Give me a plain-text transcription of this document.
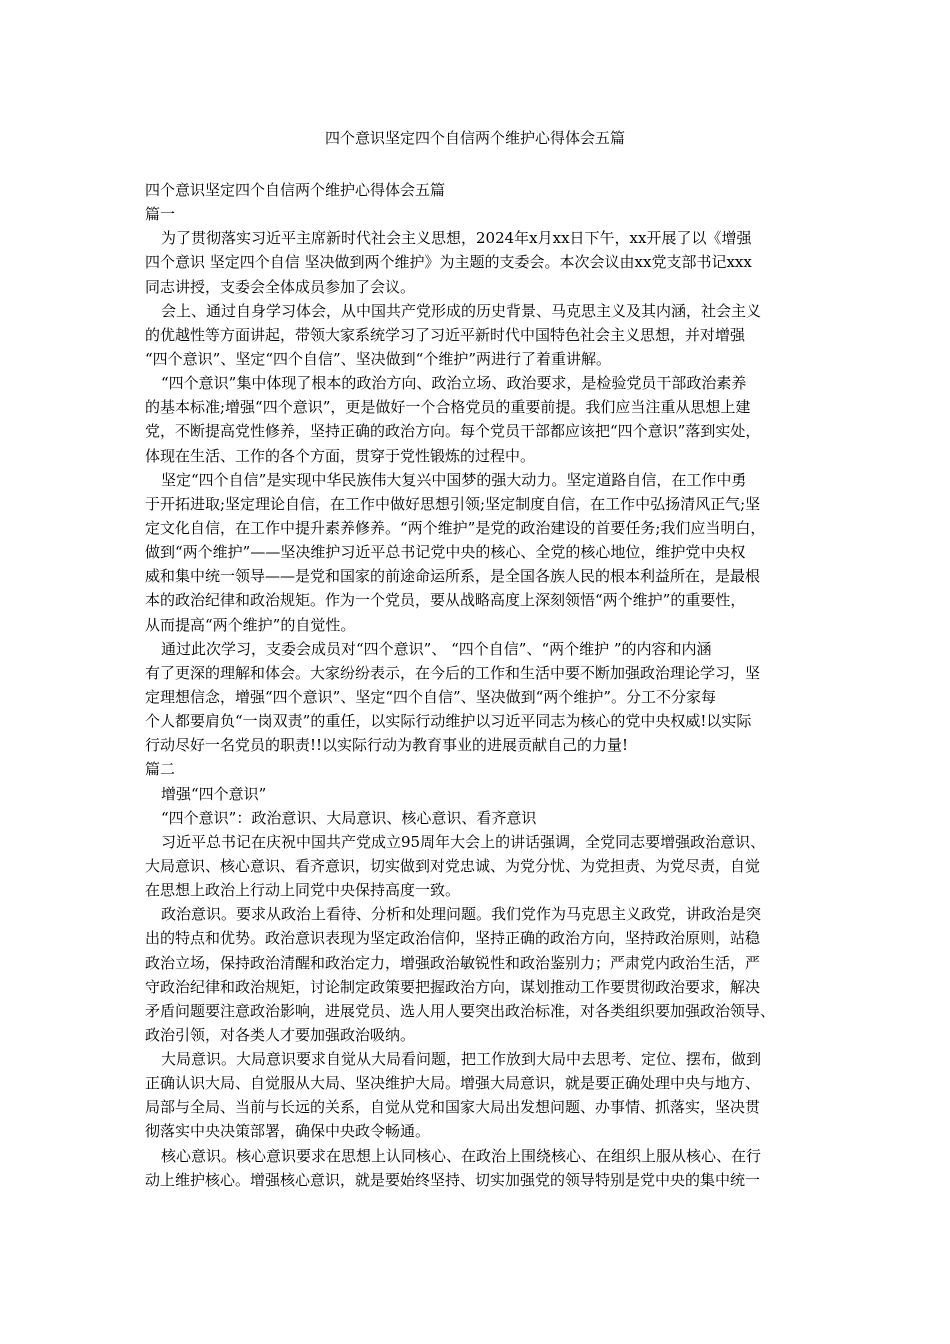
四个意识坚定四个自信两个维护心得体会五篇
四个意识坚定四个自信两个维护心得体会五篇
篇一
为了贯彻落实习近平主席新时代社会主义思想，2024年x月xx日下午，xx开展了以《增强
四个意识 坚定四个自信 坚决做到两个维护》为主题的支委会。本次会议由xx党支部书记xxx
同志讲授，支委会全体成员参加了会议。
会上、通过自身学习体会，从中国共产党形成的历史背景、马克思主义及其内涵，社会主义
的优越性等方面讲起，带领大家系统学习了习近平新时代中国特色社会主义思想，并对增强
“四个意识”、坚定“四个自信”、坚决做到“个维护”两进行了着重讲解。
“四个意识”集中体现了根本的政治方向、政治立场、政治要求，是检验党员干部政治素养
的基本标准;增强“四个意识”，更是做好一个合格党员的重要前提。我们应当注重从思想上建
党，不断提高党性修养，坚持正确的政治方向。每个党员干部都应该把“四个意识”落到实处，
体现在生活、工作的各个方面，贯穿于党性锻炼的过程中。
坚定“四个自信”是实现中华民族伟大复兴中国梦的强大动力。坚定道路自信，在工作中勇
于开拓进取;坚定理论自信，在工作中做好思想引领;坚定制度自信，在工作中弘扬清风正气;坚
定文化自信，在工作中提升素养修养。“两个维护”是党的政治建设的首要任务;我们应当明白，
做到“两个维护”——坚决维护习近平总书记党中央的核心、全党的核心地位，维护党中央权
威和集中统一领导——是党和国家的前途命运所系，是全国各族人民的根本利益所在，是最根
本的政治纪律和政治规矩。作为一个党员，要从战略高度上深刻领悟“两个维护”的重要性，
从而提高“两个维护”的自觉性。
通过此次学习，支委会成员对“四个意识”、 “四个自信”、“两个维护 ”的内容和内涵
有了更深的理解和体会。大家纷纷表示，在今后的工作和生活中要不断加强政治理论学习，坚
定理想信念，增强“四个意识”、坚定“四个自信”、坚决做到“两个维护”。分工不分家每
个人都要肩负“一岗双责”的重任，以实际行动维护以习近平同志为核心的党中央权威!以实际
行动尽好一名党员的职责!!以实际行动为教育事业的进展贡献自己的力量!
篇二
增强“四个意识”
“四个意识”：政治意识、大局意识、核心意识、看齐意识
习近平总书记在庆祝中国共产党成立95周年大会上的讲话强调，全党同志要增强政治意识、
大局意识、核心意识、看齐意识，切实做到对党忠诚、为党分忧、为党担责、为党尽责，自觉
在思想上政治上行动上同党中央保持高度一致。
政治意识。要求从政治上看待、分析和处理问题。我们党作为马克思主义政党，讲政治是突
出的特点和优势。政治意识表现为坚定政治信仰，坚持正确的政治方向，坚持政治原则，站稳
政治立场，保持政治清醒和政治定力，增强政治敏锐性和政治鉴别力；严肃党内政治生活，严
守政治纪律和政治规矩，讨论制定政策要把握政治方向，谋划推动工作要贯彻政治要求，解决
矛盾问题要注意政治影响，进展党员、选人用人要突出政治标准，对各类组织要加强政治领导、
政治引领，对各类人才要加强政治吸纳。
大局意识。大局意识要求自觉从大局看问题，把工作放到大局中去思考、定位、摆布，做到
正确认识大局、自觉服从大局、坚决维护大局。增强大局意识，就是要正确处理中央与地方、
局部与全局、当前与长远的关系，自觉从党和国家大局出发想问题、办事情、抓落实，坚决贯
彻落实中央决策部署，确保中央政令畅通。
核心意识。核心意识要求在思想上认同核心、在政治上围绕核心、在组织上服从核心、在行
动上维护核心。增强核心意识，就是要始终坚持、切实加强党的领导特别是党中央的集中统一
